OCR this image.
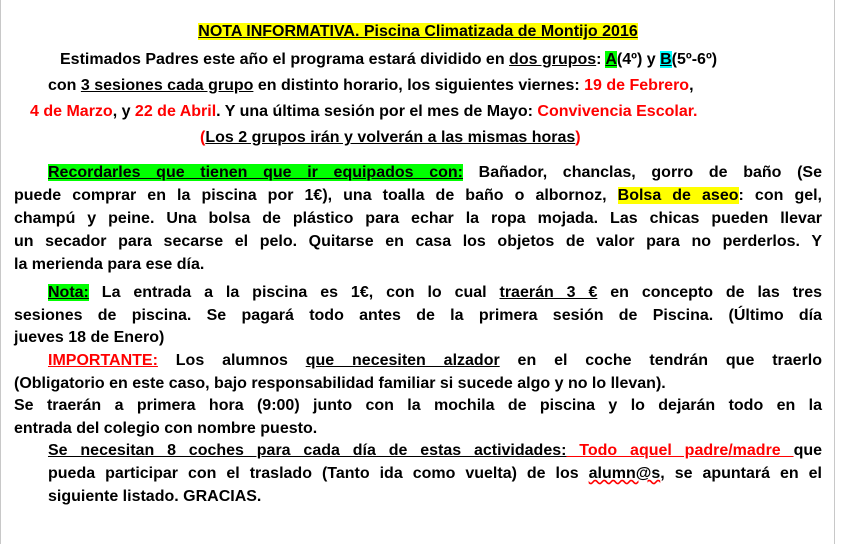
NOTA INFORMATIVA. Piscina Climatizada de Montijo 2016
Estimados Padres este año el programa estará dividido en dos grupos: A(4º) y B(5º-6º)
con 3 sesiones cada grupo en distinto horario, los siguientes viernes: 19 de Febrero,
4 de Marzo, y 22 de Abril. Y una última sesión por el mes de Mayo: Convivencia Escolar.
(Los 2 grupos irán y volverán a las mismas horas)
Recordarles que tienen que ir equipados con: Bañador, chanclas, gorro de baño (Se
puede comprar en la piscina por 1€), una toalla de baño o albornoz, Bolsa de aseo: con gel,
champú y peine. Una bolsa de plástico para echar la ropa mojada. Las chicas pueden llevar
un secador para secarse el pelo. Quitarse en casa los objetos de valor para no perderlos. Y
la merienda para ese día.
Nota: La entrada a la piscina es 1€, con lo cual traerán 3 € en concepto de las tres
sesiones de piscina. Se pagará todo antes de la primera sesión de Piscina. (Último día
jueves 18 de Enero)
IMPORTANTE: Los alumnos que necesiten alzador en el coche tendrán que traerlo
(Obligatorio en este caso, bajo responsabilidad familiar si sucede algo y no lo llevan).
Se traerán a primera hora (9:00) junto con la mochila de piscina y lo dejarán todo en la
entrada del colegio con nombre puesto.
Se necesitan 8 coches para cada día de estas actividades: Todo aquel padre/madre que
pueda participar con el traslado (Tanto ida como vuelta) de los alumn@s, se apuntará en el
siguiente listado. GRACIAS.
